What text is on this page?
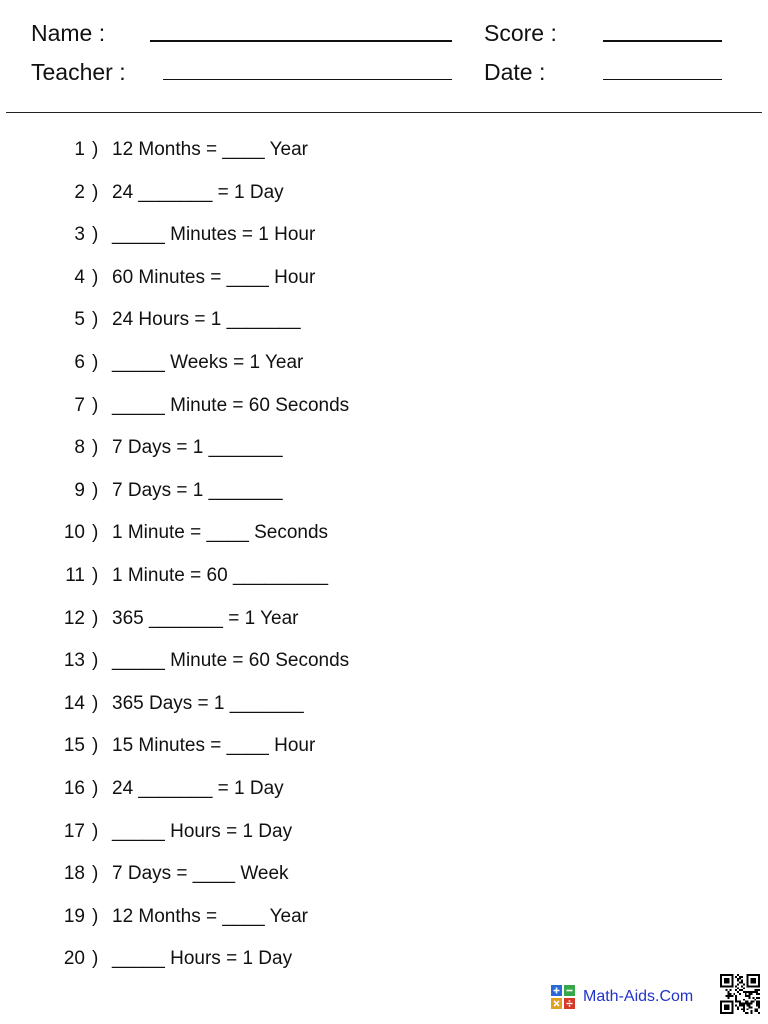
Name :
Teacher :
Score :
Date :
1 ) 12 Months = ____ Year
2 ) 24 _______ = 1 Day
3 ) _____ Minutes = 1 Hour
4 ) 60 Minutes = ____ Hour
5 ) 24 Hours = 1 _______
6 ) _____ Weeks = 1 Year
7 ) _____ Minute = 60 Seconds
8 ) 7 Days = 1 _______
9 ) 7 Days = 1 _______
10 ) 1 Minute = ____ Seconds
11 ) 1 Minute = 60 _________
12 ) 365 _______ = 1 Year
13 ) _____ Minute = 60 Seconds
14 ) 365 Days = 1 _______
15 ) 15 Minutes = ____ Hour
16 ) 24 _______ = 1 Day
17 ) _____ Hours = 1 Day
18 ) 7 Days = ____ Week
19 ) 12 Months = ____ Year
20 ) _____ Hours = 1 Day
Math-Aids.Com
